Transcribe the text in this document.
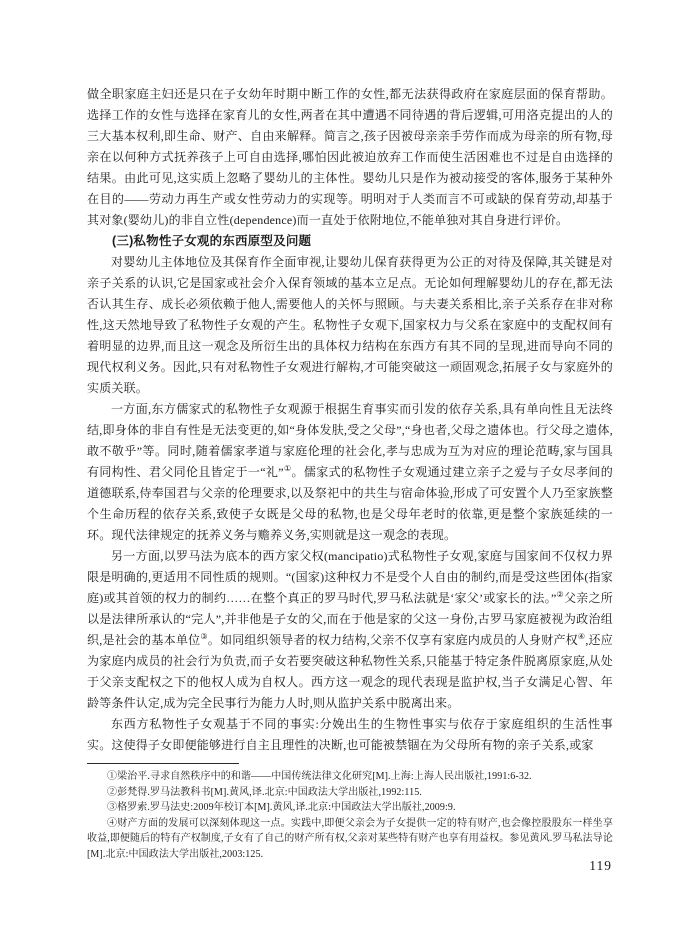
做全职家庭主妇还是只在子女幼年时期中断工作的女性,都无法获得政府在家庭层面的保育帮助。选择工作的女性与选择在家育儿的女性,两者在其中遭遇不同待遇的背后逻辑,可用洛克提出的人的三大基本权利,即生命、财产、自由来解释。简言之,孩子因被母亲亲手劳作而成为母亲的所有物,母亲在以何种方式抚养孩子上可自由选择,哪怕因此被迫放弃工作而使生活困难也不过是自由选择的结果。由此可见,这实质上忽略了婴幼儿的主体性。婴幼儿只是作为被动接受的客体,服务于某种外在目的——劳动力再生产或女性劳动力的实现等。明明对于人类而言不可或缺的保育劳动,却基于其对象(婴幼儿)的非自立性(dependence)而一直处于依附地位,不能单独对其自身进行评价。

(三)私物性子女观的东西原型及问题

对婴幼儿主体地位及其保育作全面审视,让婴幼儿保育获得更为公正的对待及保障,其关键是对亲子关系的认识,它是国家或社会介入保育领域的基本立足点。无论如何理解婴幼儿的存在,都无法否认其生存、成长必须依赖于他人,需要他人的关怀与照顾。与夫妻关系相比,亲子关系存在非对称性,这天然地导致了私物性子女观的产生。私物性子女观下,国家权力与父系在家庭中的支配权间有着明显的边界,而且这一观念及所衍生出的具体权力结构在东西方有其不同的呈现,进而导向不同的现代权利义务。因此,只有对私物性子女观进行解构,才可能突破这一顽固观念,拓展子女与家庭外的实质关联。

一方面,东方儒家式的私物性子女观源于根据生育事实而引发的依存关系,具有单向性且无法终结,即身体的非自有性是无法变更的,如“身体发肤,受之父母”,“身也者,父母之遗体也。行父母之遗体,敢不敬乎”等。同时,随着儒家孝道与家庭伦理的社会化,孝与忠成为互为对应的理论范畴,家与国具有同构性、君父同伦且皆定于一“礼”①。儒家式的私物性子女观通过建立亲子之爱与子女尽孝间的道德联系,侍奉国君与父亲的伦理要求,以及祭祀中的共生与宿命体验,形成了可安置个人乃至家族整个生命历程的依存关系,致使子女既是父母的私物,也是父母年老时的依靠,更是整个家族延续的一环。现代法律规定的抚养义务与赡养义务,实则就是这一观念的表现。

另一方面,以罗马法为底本的西方家父权(mancipatio)式私物性子女观,家庭与国家间不仅权力界限是明确的,更适用不同性质的规则。“(国家)这种权力不是受个人自由的制约,而是受这些团体(指家庭)或其首领的权力的制约……在整个真正的罗马时代,罗马私法就是‘家父’或家长的法。”②父亲之所以是法律所承认的“完人”,并非他是子女的父,而在于他是家的父这一身份,古罗马家庭被视为政治组织,是社会的基本单位③。如同组织领导者的权力结构,父亲不仅享有家庭内成员的人身财产权④,还应为家庭内成员的社会行为负责,而子女若要突破这种私物性关系,只能基于特定条件脱离原家庭,从处于父亲支配权之下的他权人成为自权人。西方这一观念的现代表现是监护权,当子女满足心智、年龄等条件认定,成为完全民事行为能力人时,则从监护关系中脱离出来。

东西方私物性子女观基于不同的事实:分娩出生的生物性事实与依存于家庭组织的生活性事实。这使得子女即便能够进行自主且理性的决断,也可能被禁锢在为父母所有物的亲子关系,或家

①梁治平.寻求自然秩序中的和谐——中国传统法律文化研究[M].上海:上海人民出版社,1991:6-32.

②彭梵得.罗马法教科书[M].黄风,译.北京:中国政法大学出版社,1992:115.

③格罗索.罗马法史:2009年校订本[M].黄风,译.北京:中国政法大学出版社,2009:9.

④财产方面的发展可以深刻体现这一点。实践中,即便父亲会为子女提供一定的特有财产,也会像控股股东一样坐享收益,即便随后的特有产权制度,子女有了自己的财产所有权,父亲对某些特有财产也享有用益权。参见黄风.罗马私法导论[M].北京:中国政法大学出版社,2003:125.

119
